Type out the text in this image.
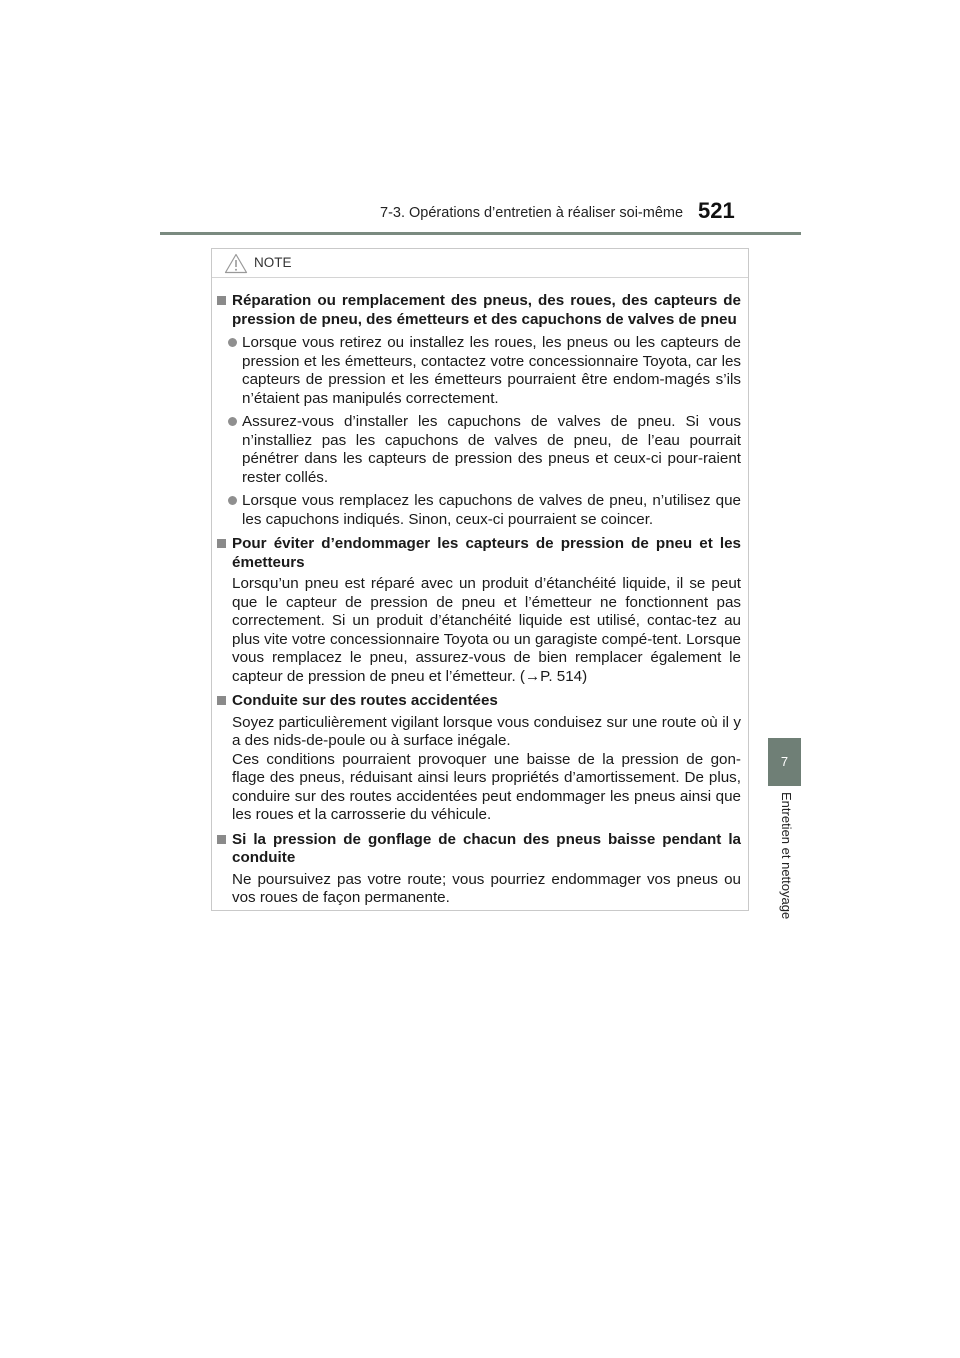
7-3. Opérations d’entretien à réaliser soi-même 521
7
Entretien et nettoyage
NOTE
Réparation ou remplacement des pneus, des roues, des capteurs de pression de pneu, des émetteurs et des capuchons de valves de pneu
Lorsque vous retirez ou installez les roues, les pneus ou les capteurs de pression et les émetteurs, contactez votre concessionnaire Toyota, car les capteurs de pression et les émetteurs pourraient être endom-magés s’ils n’étaient pas manipulés correctement.
Assurez-vous d’installer les capuchons de valves de pneu. Si vous n’installiez pas les capuchons de valves de pneu, de l’eau pourrait pénétrer dans les capteurs de pression des pneus et ceux-ci pour-raient rester collés.
Lorsque vous remplacez les capuchons de valves de pneu, n’utilisez que les capuchons indiqués. Sinon, ceux-ci pourraient se coincer.
Pour éviter d’endommager les capteurs de pression de pneu et les émetteurs
Lorsqu’un pneu est réparé avec un produit d’étanchéité liquide, il se peut que le capteur de pression de pneu et l’émetteur ne fonctionnent pas correctement. Si un produit d’étanchéité liquide est utilisé, contac-tez au plus vite votre concessionnaire Toyota ou un garagiste compé-tent. Lorsque vous remplacez le pneu, assurez-vous de bien remplacer également le capteur de pression de pneu et l’émetteur. (→P. 514)
Conduite sur des routes accidentées
Soyez particulièrement vigilant lorsque vous conduisez sur une route où il y a des nids-de-poule ou à surface inégale.
Ces conditions pourraient provoquer une baisse de la pression de gon-flage des pneus, réduisant ainsi leurs propriétés d’amortissement. De plus, conduire sur des routes accidentées peut endommager les pneus ainsi que les roues et la carrosserie du véhicule.
Si la pression de gonflage de chacun des pneus baisse pendant la conduite
Ne poursuivez pas votre route; vous pourriez endommager vos pneus ou vos roues de façon permanente.
